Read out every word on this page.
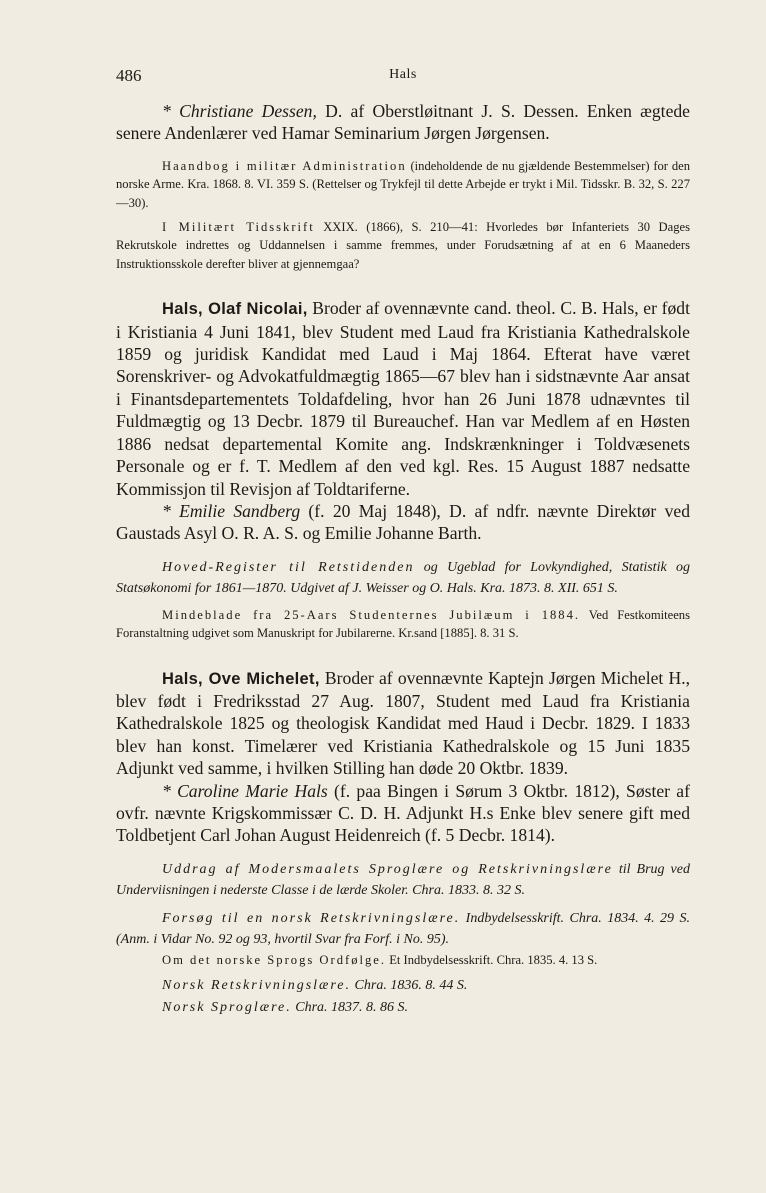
486	Hals

* Christiane Dessen, D. af Oberstløitnant J. S. Dessen. Enken ægtede senere Andenlærer ved Hamar Seminarium Jørgen Jørgensen.

Haandbog i militær Administration (indeholdende de nu gjældende Bestemmelser) for den norske Arme. Kra. 1868. 8. VI. 359 S. (Rettelser og Trykfejl til dette Arbejde er trykt i Mil. Tidsskr. B. 32, S. 227—30).

I Militært Tidsskrift XXIX. (1866), S. 210—41: Hvorledes bør Infanteriets 30 Dages Rekrutskole indrettes og Uddannelsen i samme fremmes, under Forudsætning af at en 6 Maaneders Instruktionsskole derefter bliver at gjennemgaa?

Hals, Olaf Nicolai, Broder af ovennævnte cand. theol. C. B. Hals, er født i Kristiania 4 Juni 1841, blev Student med Laud fra Kristiania Kathedralskole 1859 og juridisk Kandidat med Laud i Maj 1864. Efterat have været Sorenskriver- og Advokatfuldmægtig 1865—67 blev han i sidstnævnte Aar ansat i Finantsdepartementets Toldafdeling, hvor han 26 Juni 1878 udnævntes til Fuldmægtig og 13 Decbr. 1879 til Bureauchef. Han var Medlem af en Høsten 1886 nedsat departemental Komite ang. Indskrænkninger i Toldvæsenets Personale og er f. T. Medlem af den ved kgl. Res. 15 August 1887 nedsatte Kommissjon til Revisjon af Toldtariferne.

* Emilie Sandberg (f. 20 Maj 1848), D. af ndfr. nævnte Direktør ved Gaustads Asyl O. R. A. S. og Emilie Johanne Barth.

Hoved-Register til Retstidenden og Ugeblad for Lovkyndighed, Statistik og Statsøkonomi for 1861—1870. Udgivet af J. Weisser og O. Hals. Kra. 1873. 8. XII. 651 S.

Mindeblade fra 25-Aars Studenternes Jubilæum i 1884. Ved Festkomiteens Foranstaltning udgivet som Manuskript for Jubilarerne. Kr.sand [1885]. 8. 31 S.

Hals, Ove Michelet, Broder af ovennævnte Kaptejn Jørgen Michelet H., blev født i Fredriksstad 27 Aug. 1807, Student med Laud fra Kristiania Kathedralskole 1825 og theologisk Kandidat med Haud i Decbr. 1829. I 1833 blev han konst. Timelærer ved Kristiania Kathedralskole og 15 Juni 1835 Adjunkt ved samme, i hvilken Stilling han døde 20 Oktbr. 1839.

* Caroline Marie Hals (f. paa Bingen i Sørum 3 Oktbr. 1812), Søster af ovfr. nævnte Krigskommissær C. D. H. Adjunkt H.s Enke blev senere gift med Toldbetjent Carl Johan August Heidenreich (f. 5 Decbr. 1814).

Uddrag af Modersmaalets Sproglære og Retskrivningslære til Brug ved Underviisningen i nederste Classe i de lærde Skoler. Chra. 1833. 8. 32 S.

Forsøg til en norsk Retskrivningslære. Indbydelsesskrift. Chra. 1834. 4. 29 S. (Anm. i Vidar No. 92 og 93, hvortil Svar fra Forf. i No. 95).

Om det norske Sprogs Ordfølge. Et Indbydelsesskrift. Chra. 1835. 4. 13 S.

Norsk Retskrivningslære. Chra. 1836. 8. 44 S.

Norsk Sproglære. Chra. 1837. 8. 86 S.
